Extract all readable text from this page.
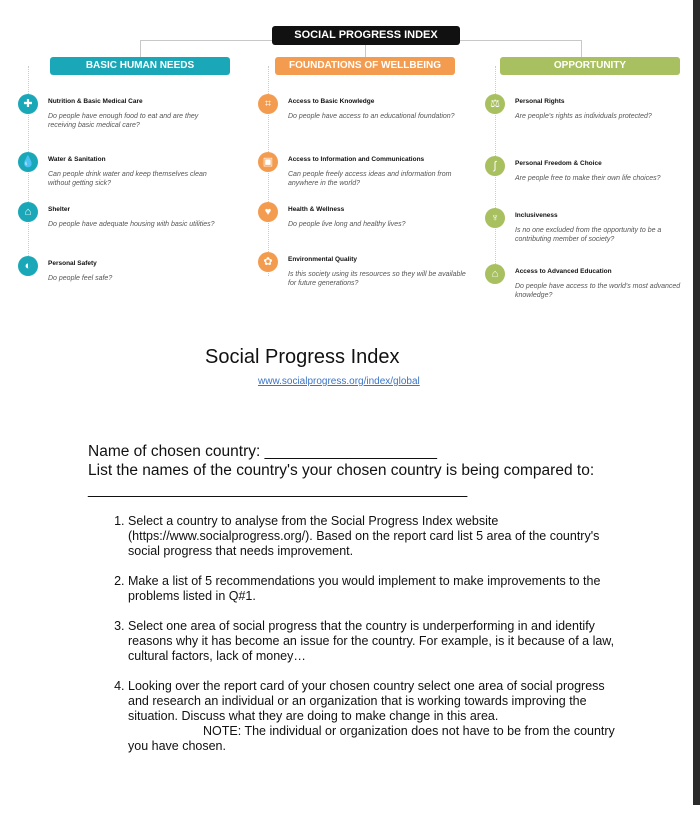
SOCIAL PROGRESS INDEX
BASIC HUMAN NEEDS
✚	Nutrition & Basic Medical Care
Do people have enough food to eat and are they receiving basic medical care?
💧	Water & Sanitation
Can people drink water and keep themselves clean without getting sick?
⌂	Shelter
Do people have adequate housing with basic utilities?
◐	Personal Safety
Do people feel safe?
FOUNDATIONS OF WELLBEING
⌗	Access to Basic Knowledge
Do people have access to an educational foundation?
▣	Access to Information and Communications
Can people freely access ideas and information from anywhere in the world?
♥	Health & Wellness
Do people live long and healthy lives?
✿	Environmental Quality
Is this society using its resources so they will be available for future generations?
OPPORTUNITY
⚖	Personal Rights
Are people's rights as individuals protected?
∫	Personal Freedom & Choice
Are people free to make their own life choices?
♆	Inclusiveness
Is no one excluded from the opportunity to be a contributing member of society?
⌂	Access to Advanced Education
Do people have access to the world's most advanced knowledge?
Social Progress Index
www.socialprogress.org/index/global
Name of chosen country: ____________________
List the names of the country's your chosen country is being compared to: ____________________________________________
1. Select a country to analyse from the Social Progress Index website (https://www.socialprogress.org/). Based on the report card list 5 area of the country's social progress that needs improvement.
2. Make a list of 5 recommendations you would implement to make improvements to the problems listed in Q#1.
3. Select one area of social progress that the country is underperforming in and identify reasons why it has become an issue for the country. For example, is it because of a law, cultural factors, lack of money…
4. Looking over the report card of your chosen country select one area of social progress and research an individual or an organization that is working towards improving the situation. Discuss what they are doing to make change in this area.
NOTE: The individual or organization does not have to be from the country you have chosen.
